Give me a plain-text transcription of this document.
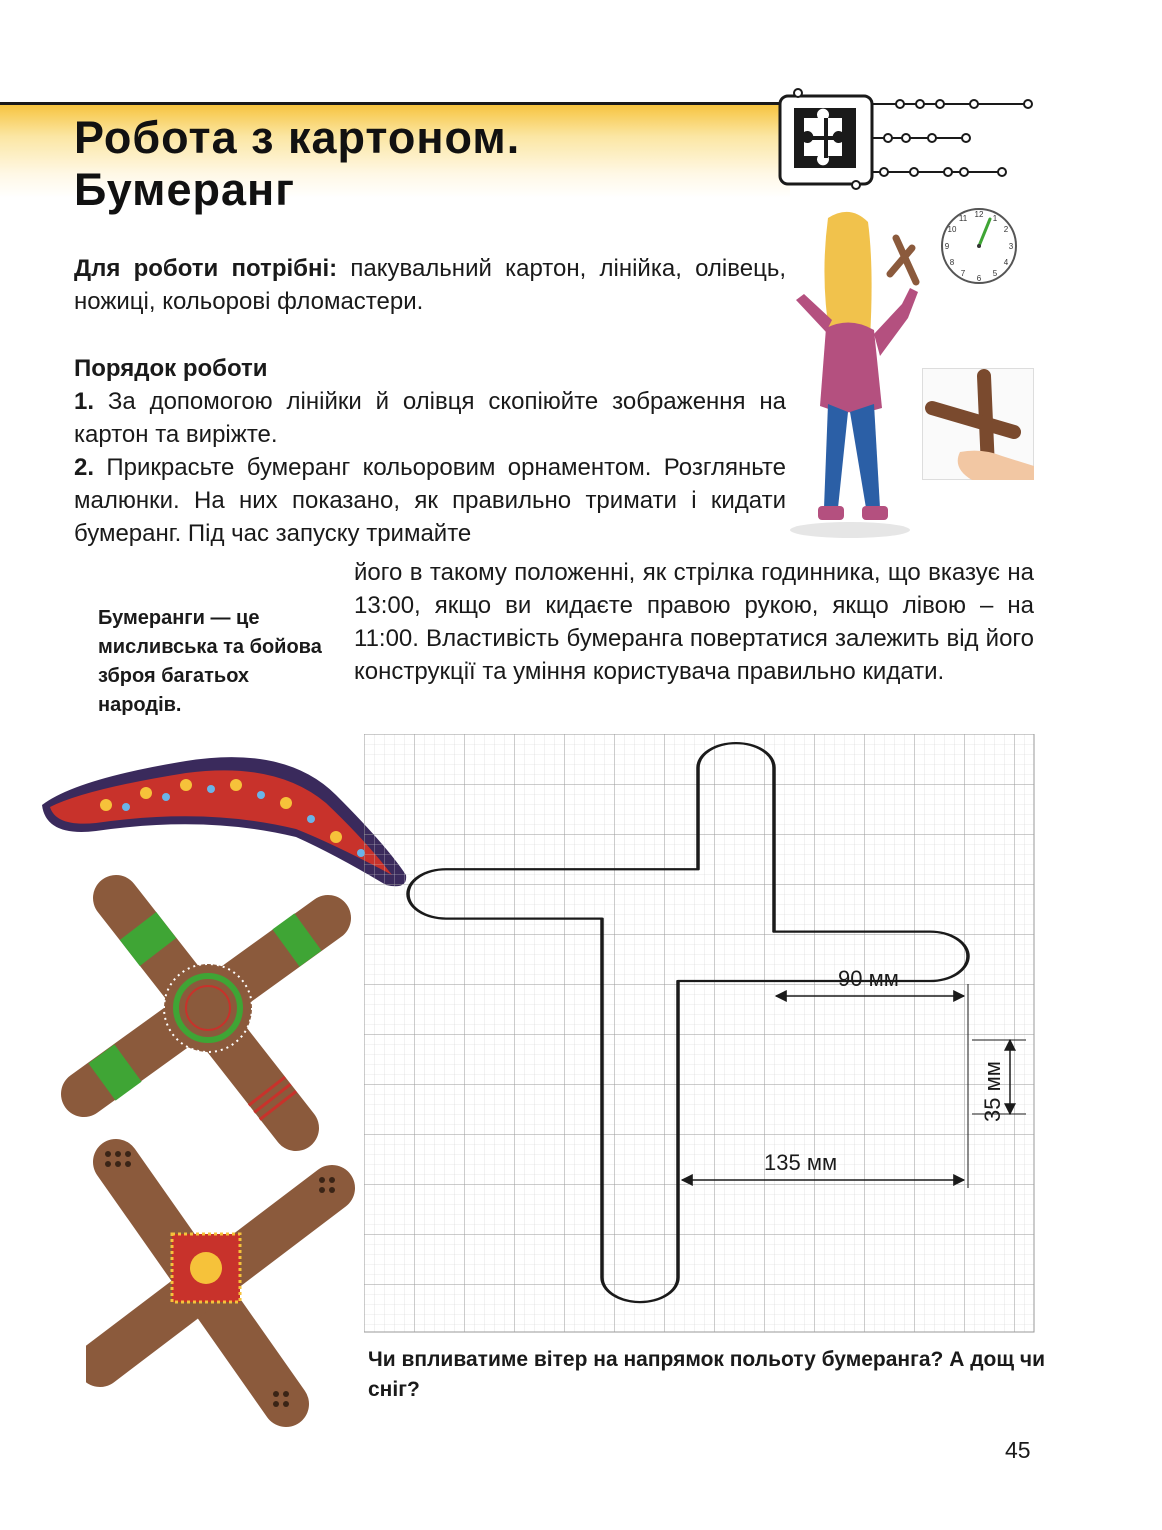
Робота з картоном.
Бумеранг

Для роботи потрібні: пакувальний картон, лінійка, олівець, ножиці, кольорові фломастери.

Порядок роботи

1. За допомогою лінійки й олівця скопіюйте зображення на картон та виріжте.

2. Прикрасьте бумеранг кольоровим орнаментом. Розгляньте малюнки. На них показано, як правильно тримати і кидати бумеранг. Під час запуску тримайте

його в такому положенні, як стрілка годинника, що вказує на 13:00, якщо ви кидаєте правою рукою, якщо лівою – на 11:00. Властивість бумеранга повертатися залежить від його конструкції та уміння користувача правильно кидати.

Бумеранги — це мисливська та бойова зброя багатьох народів.

12 1
2
3
4
5
6
7
8
9
10
11
90 мм
35 мм
135 мм

Чи впливатиме вітер на напрямок польоту бумеранга? А дощ чи сніг?

45
